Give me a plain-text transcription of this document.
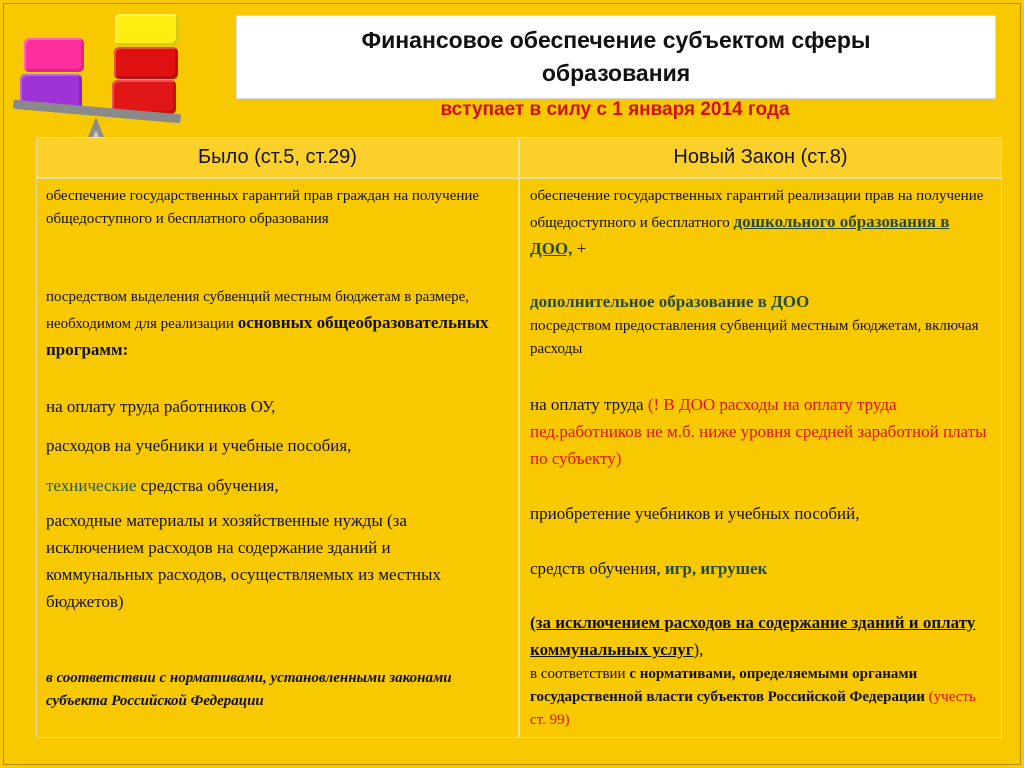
Финансовое обеспечение субъектом сферы образования
вступает в силу с 1 января 2014 года
Было (ст.5, ст.29)
обеспечение государственных гарантий прав граждан на получение общедоступного и бесплатного образования
посредством выделения субвенций местным бюджетам в размере, необходимом для реализации основных общеобразовательных программ:
на оплату труда работников ОУ,
расходов на учебники и учебные пособия,
технические средства обучения,
расходные материалы и хозяйственные нужды (за исключением расходов на содержание зданий и коммунальных расходов, осуществляемых из местных бюджетов)
в соответствии с нормативами, установленными законами субъекта Российской Федерации
Новый Закон (ст.8)
обеспечение государственных гарантий реализации прав на получение общедоступного и бесплатного дошкольного образования в ДОО, +
дополнительное образование в ДОО
посредством предоставления субвенций местным бюджетам, включая расходы
на оплату труда (! В ДОО расходы на оплату труда пед.работников не м.б. ниже уровня средней заработной платы по субъекту)
приобретение учебников и учебных пособий,
средств обучения, игр, игрушек
(за исключением расходов на содержание зданий и оплату коммунальных услуг),
в соответствии с нормативами, определяемыми органами государственной власти субъектов Российской Федерации (учесть ст. 99)
